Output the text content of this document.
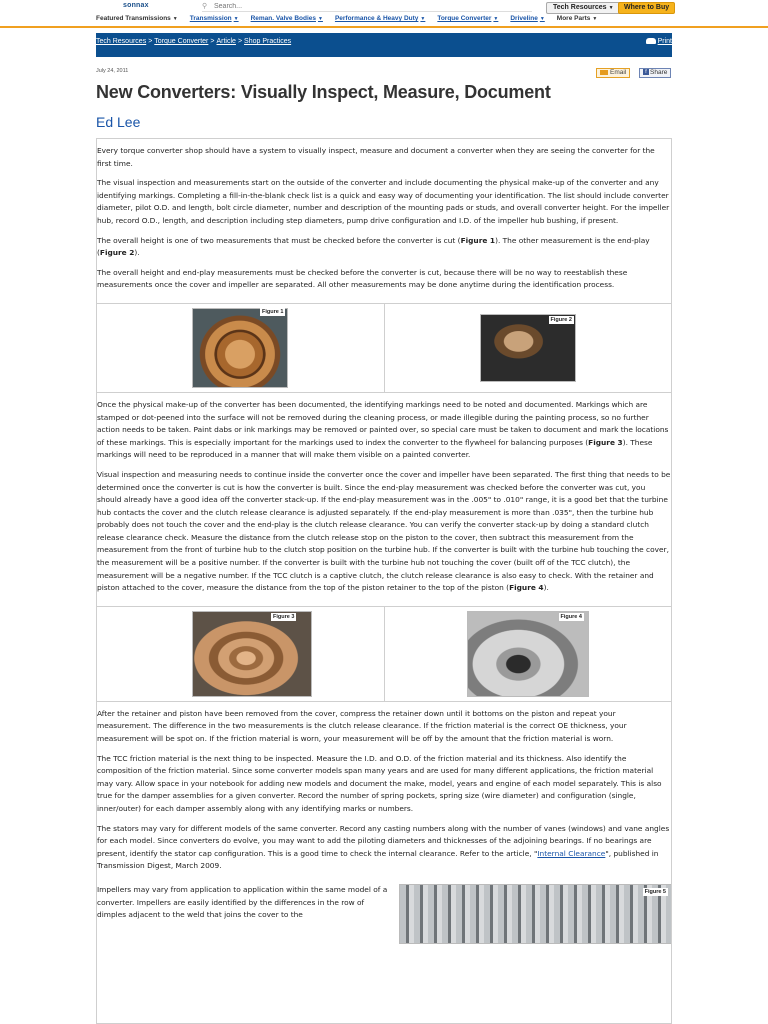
sonnax	⚲
Search...	Tech Resources ▼	Where to Buy
Featured Transmissions ▼ Transmission ▼ Reman. Valve Bodies ▼ Performance & Heavy Duty ▼ Torque Converter ▼ Driveline ▼ More Parts ▼
Tech Resources > Torque Converter > Article > Shop Practices	Print
July 24, 2011	Email	f Share
New Converters: Visually Inspect, Measure, Document
Ed Lee

Every torque converter shop should have a system to visually inspect, measure and document a converter when they are seeing the converter for the first time.

The visual inspection and measurements start on the outside of the converter and include documenting the physical make-up of the converter and any identifying markings. Completing a fill-in-the-blank check list is a quick and easy way of documenting your identification. The list should include converter diameter, pilot O.D. and length, bolt circle diameter, number and description of the mounting pads or studs, and overall converter height. For the impeller hub, record O.D., length, and description including step diameters, pump drive configuration and I.D. of the impeller hub bushing, if present.

The overall height is one of two measurements that must be checked before the converter is cut (Figure 1). The other measurement is the end-play (Figure 2).

The overall height and end-play measurements must be checked before the converter is cut, because there will be no way to reestablish these measurements once the cover and impeller are separated. All other measurements may be done anytime during the identification process.

Figure 1
Figure 2

Once the physical make-up of the converter has been documented, the identifying markings need to be noted and documented. Markings which are stamped or dot-peened into the surface will not be removed during the cleaning process, or made illegible during the painting process, so no further action needs to be taken. Paint dabs or ink markings may be removed or painted over, so special care must be taken to document and mark the locations of these markings. This is especially important for the markings used to index the converter to the flywheel for balancing purposes (Figure 3). These markings will need to be reproduced in a manner that will make them visible on a painted converter.

Visual inspection and measuring needs to continue inside the converter once the cover and impeller have been separated. The first thing that needs to be determined once the converter is cut is how the converter is built. Since the end-play measurement was checked before the converter was cut, you should already have a good idea off the converter stack-up. If the end-play measurement was in the .005" to .010" range, it is a good bet that the turbine hub contacts the cover and the clutch release clearance is adjusted separately. If the end-play measurement is more than .035", then the turbine hub probably does not touch the cover and the end-play is the clutch release clearance. You can verify the converter stack-up by doing a standard clutch release clearance check. Measure the distance from the clutch release stop on the piston to the cover, then subtract this measurement from the measurement from the front of turbine hub to the clutch stop position on the turbine hub. If the converter is built with the turbine hub touching the cover, the measurement will be a positive number. If the converter is built with the turbine hub not touching the cover (built off of the TCC clutch), the measurement will be a negative number. If the TCC clutch is a captive clutch, the clutch release clearance is also easy to check. With the retainer and piston attached to the cover, measure the distance from the top of the piston retainer to the top of the piston (Figure 4).

Figure 3	Figure 4

After the retainer and piston have been removed from the cover, compress the retainer down until it bottoms on the piston and repeat your measurement. The difference in the two measurements is the clutch release clearance. If the friction material is the correct OE thickness, your measurement will be spot on. If the friction material is worn, your measurement will be off by the amount that the friction material is worn.

The TCC friction material is the next thing to be inspected. Measure the I.D. and O.D. of the friction material and its thickness. Also identify the composition of the friction material. Since some converter models span many years and are used for many different applications, the friction material may vary. Allow space in your notebook for adding new models and document the make, model, years and engine of each model separately. This is also true for the damper assemblies for a given converter. Record the number of spring pockets, spring size (wire diameter) and configuration (single, inner/outer) for each damper assembly along with any identifying marks or numbers.

The stators may vary for different models of the same converter. Record any casting numbers along with the number of vanes (windows) and vane angles for each model. Since converters do evolve, you may want to add the piloting diameters and thicknesses of the adjoining bearings. If no bearings are present, identify the stator cap configuration. This is a good time to check the internal clearance. Refer to the article, "Internal Clearance", published in Transmission Digest, March 2009.

Impellers may vary from application to application within the same model of a converter. Impellers are easily identified by the differences in the row of dimples adjacent to the weld that joins the cover to the

Figure 5
